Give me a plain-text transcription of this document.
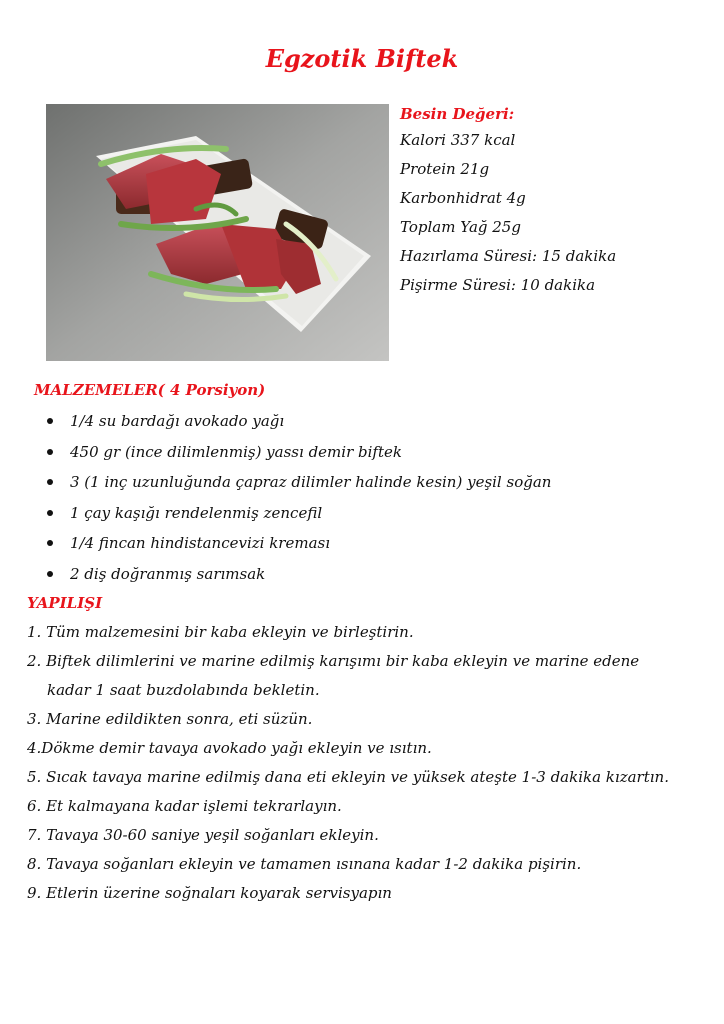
Egzotik Biftek
Besin Değeri:
Kalori 337 kcal
Protein 21g
Karbonhidrat 4g
Toplam Yağ 25g
Hazırlama Süresi: 15 dakika
Pişirme Süresi: 10 dakika
MALZEMELER( 4 Porsiyon)
1/4 su bardağı avokado yağı
450 gr (ince dilimlenmiş) yassı demir biftek
3 (1 inç uzunluğunda çapraz dilimler halinde kesin) yeşil soğan
1 çay kaşığı rendelenmiş zencefil
1/4 fincan hindistancevizi kreması
2 diş doğranmış sarımsak
YAPILIŞI
1. Tüm malzemesini bir kaba ekleyin ve birleştirin.
2. Biftek dilimlerini ve marine edilmiş karışımı bir kaba ekleyin ve marine edene
kadar 1 saat buzdolabında bekletin.
3. Marine edildikten sonra, eti süzün.
4.Dökme demir tavaya avokado yağı ekleyin ve ısıtın.
5. Sıcak tavaya marine edilmiş dana eti ekleyin ve yüksek ateşte 1-3 dakika kızartın.
6. Et kalmayana kadar işlemi tekrarlayın.
7. Tavaya 30-60 saniye yeşil soğanları ekleyin.
8. Tavaya soğanları ekleyin ve tamamen ısınana kadar 1-2 dakika pişirin.
9. Etlerin üzerine soğnaları koyarak servisyapın
